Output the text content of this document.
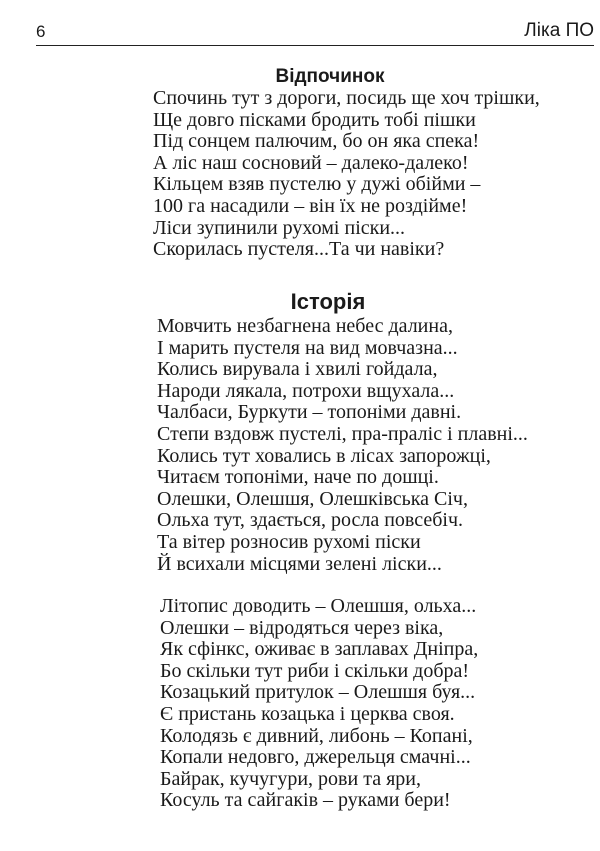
6	Ліка ПО
Відпочинок
Спочинь тут з дороги, посидь ще хоч трішки,
Ще довго пісками бродить тобі пішки
Під сонцем палючим, бо он яка спека!
А ліс наш сосновий – далеко-далеко!
Кільцем взяв пустелю у дужі обійми –
100 га насадили – він їх не роздійме!
Ліси зупинили рухомі піски...
Скорилась пустеля...Та чи навіки?
Історія
Мовчить незбагнена небес далина,
І марить пустеля на вид мовчазна...
Колись вирувала і хвилі гойдала,
Народи лякала, потрохи вщухала...
Чалбаси, Буркути – топоніми давні.
Степи вздовж пустелі, пра-праліс і плавні...
Колись тут ховались в лісах запорожці,
Читаєм топоніми, наче по дошці.
Олешки, Олешшя, Олешківська Січ,
Ольха тут, здається, росла повсебіч.
Та вітер розносив рухомі піски
Й всихали місцями зелені ліски...
Літопис доводить – Олешшя, ольха...
Олешки – відродяться через віка,
Як сфінкс, оживає в заплавах Дніпра,
Бо скільки тут риби і скільки добра!
Козацький притулок – Олешшя буя...
Є пристань козацька і церква своя.
Колодязь є дивний, либонь – Копані,
Копали недовго, джерельця смачні...
Байрак, кучугури, рови та яри,
Косуль та сайгаків – руками бери!
